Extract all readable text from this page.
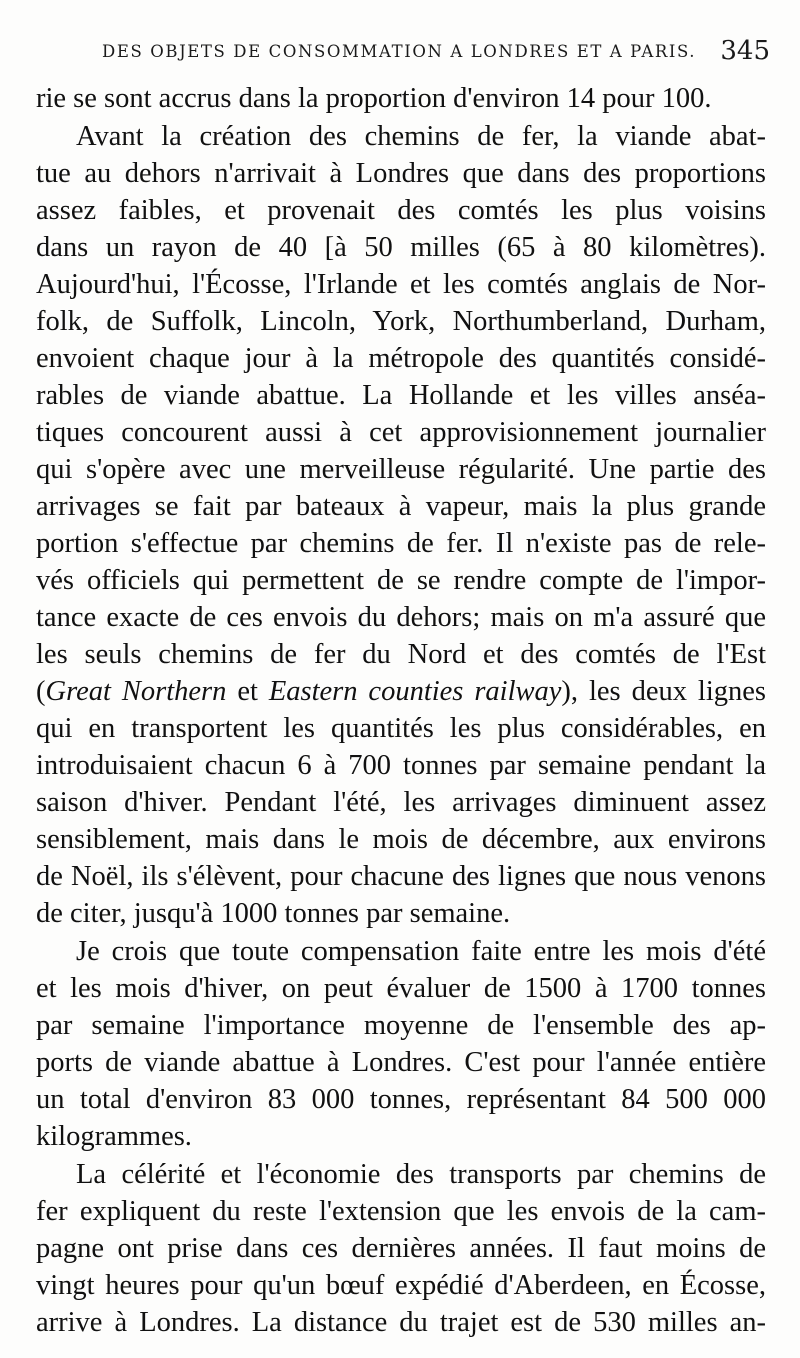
DES OBJETS DE CONSOMMATION A LONDRES ET A PARIS. 345
rie se sont accrus dans la proportion d'environ 14 pour 100.
Avant la création des chemins de fer, la viande abat-
tue au dehors n'arrivait à Londres que dans des proportions
assez faibles, et provenait des comtés les plus voisins
dans un rayon de 40 [à 50 milles (65 à 80 kilomètres).
Aujourd'hui, l'Écosse, l'Irlande et les comtés anglais de Nor-
folk, de Suffolk, Lincoln, York, Northumberland, Durham,
envoient chaque jour à la métropole des quantités considé-
rables de viande abattue. La Hollande et les villes anséa-
tiques concourent aussi à cet approvisionnement journalier
qui s'opère avec une merveilleuse régularité. Une partie des
arrivages se fait par bateaux à vapeur, mais la plus grande
portion s'effectue par chemins de fer. Il n'existe pas de rele-
vés officiels qui permettent de se rendre compte de l'impor-
tance exacte de ces envois du dehors; mais on m'a assuré que
les seuls chemins de fer du Nord et des comtés de l'Est
(Great Northern et Eastern counties railway), les deux lignes
qui en transportent les quantités les plus considérables, en
introduisaient chacun 6 à 700 tonnes par semaine pendant la
saison d'hiver. Pendant l'été, les arrivages diminuent assez
sensiblement, mais dans le mois de décembre, aux environs
de Noël, ils s'élèvent, pour chacune des lignes que nous venons
de citer, jusqu'à 1000 tonnes par semaine.
Je crois que toute compensation faite entre les mois d'été
et les mois d'hiver, on peut évaluer de 1500 à 1700 tonnes
par semaine l'importance moyenne de l'ensemble des ap-
ports de viande abattue à Londres. C'est pour l'année entière
un total d'environ 83 000 tonnes, représentant 84 500 000
kilogrammes.
La célérité et l'économie des transports par chemins de
fer expliquent du reste l'extension que les envois de la cam-
pagne ont prise dans ces dernières années. Il faut moins de
vingt heures pour qu'un bœuf expédié d'Aberdeen, en Écosse,
arrive à Londres. La distance du trajet est de 530 milles an-
